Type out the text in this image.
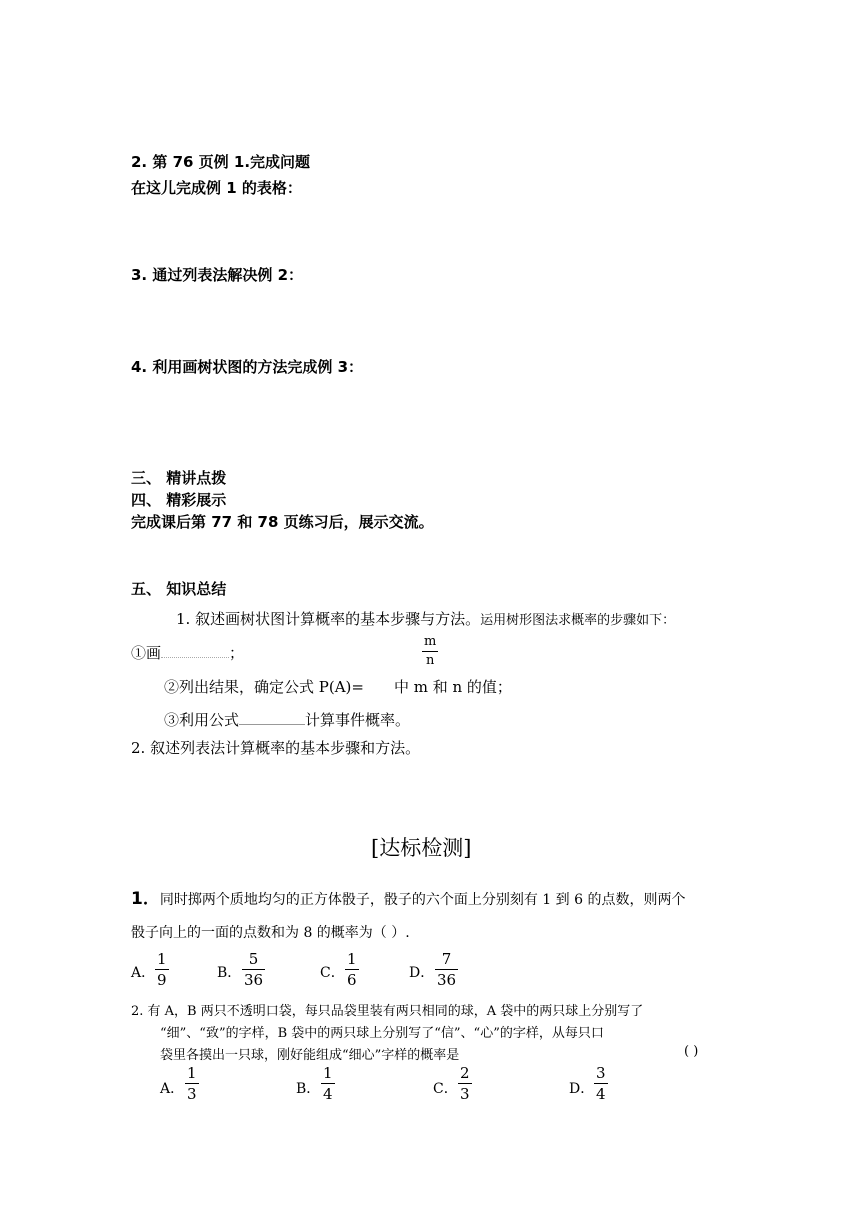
2. 第 76 页例 1.完成问题
在这儿完成例 1 的表格：
3. 通过列表法解决例 2：
4. 利用画树状图的方法完成例 3：
三、 精讲点拨
四、 精彩展示
完成课后第 77 和 78 页练习后，展示交流。
五、 知识总结
1. 叙述画树状图计算概率的基本步骤与方法。运用树形图法求概率的步骤如下：
①画	；
m
n
②列出结果，确定公式 P(A)= 中 m 和 n 的值；
③利用公式	计算事件概率。
2. 叙述列表法计算概率的基本步骤和方法。
[达标检测]
1．同时掷两个质地均匀的正方体骰子，骰子的六个面上分别刻有 1 到 6 的点数，则两个
骰子向上的一面的点数和为 8 的概率为（ ）.
A．
1
9	B．
5
36	C．
1
6	D．
7
36
2. 有 A，B 两只不透明口袋，每只品袋里装有两只相同的球，A 袋中的两只球上分别写了
“细”、“致”的字样，B 袋中的两只球上分别写了“信”、“心”的字样，从每只口
袋里各摸出一只球，刚好能组成“细心”字样的概率是	( )
A．
1
3	B．
1
4	C．
2
3	D．
3
4
